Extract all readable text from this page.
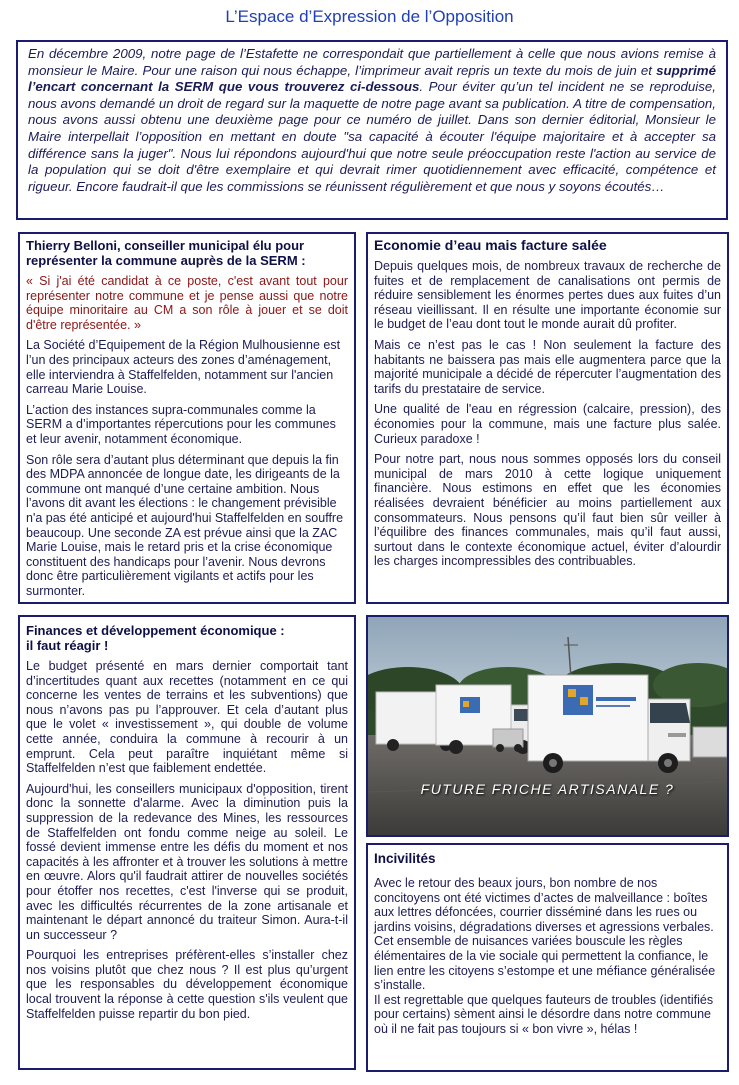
L’Espace d’Expression de l’Opposition
En décembre 2009, notre page de l’Estafette ne correspondait que partiellement à celle que nous avions remise à monsieur le Maire. Pour une raison qui nous échappe, l’imprimeur avait repris un texte du mois de juin et supprimé l’encart concernant la SERM que vous trouverez ci-dessous. Pour éviter qu’un tel incident ne se reproduise, nous avons demandé un droit de regard sur la maquette de notre page avant sa publication. A titre de compensation, nous avons aussi obtenu une deuxième page pour ce numéro de juillet. Dans son dernier éditorial, Monsieur le Maire interpellait l’opposition en mettant en doute "sa capacité à écouter l'équipe majoritaire et à accepter sa différence sans la juger". Nous lui répondons aujourd'hui que notre seule préoccupation reste l'action au service de la population qui se doit d'être exemplaire et qui devrait rimer quotidiennement avec efficacité, compétence et rigueur. Encore faudrait-il que les commissions se réunissent régulièrement et que nous y soyons écoutés…

Thierry Belloni, conseiller municipal élu pour représenter la commune auprès de la SERM :

« Si j'ai été candidat à ce poste, c'est avant tout pour représenter notre commune et je pense aussi que notre équipe minoritaire au CM a son rôle à jouer et se doit d'être représentée. »

La Société d’Equipement de la Région Mulhousienne est l’un des principaux acteurs des zones d’aménagement, elle interviendra à Staffelfelden, notamment sur l'ancien carreau Marie Louise.

L’action des instances supra-communales comme la SERM a d’importantes répercutions pour les communes et leur avenir, notamment économique.

Son rôle sera d’autant plus déterminant que depuis la fin des MDPA annoncée de longue date, les dirigeants de la commune ont manqué d’une certaine ambition. Nous l’avons dit avant les élections : le changement prévisible n'a pas été anticipé et aujourd'hui Staffelfelden en souffre beaucoup. Une seconde ZA est prévue ainsi que la ZAC Marie Louise, mais le retard pris et la crise économique constituent des handicaps pour l’avenir. Nous devrons donc être particulièrement vigilants et actifs pour les surmonter.

Economie d’eau mais facture salée

Depuis quelques mois, de nombreux travaux de recherche de fuites et de remplacement de canalisations ont permis de réduire sensiblement les énormes pertes dues aux fuites d’un réseau vieillissant. Il en résulte une importante économie sur le budget de l’eau dont tout le monde aurait dû profiter.

Mais ce n’est pas le cas ! Non seulement la facture des habitants ne baissera pas mais elle augmentera parce que la majorité municipale a décidé de répercuter l’augmentation des tarifs du prestataire de service.

Une qualité de l'eau en régression (calcaire, pression), des économies pour la commune, mais une facture plus salée. Curieux paradoxe !

Pour notre part, nous nous sommes opposés lors du conseil municipal de mars 2010 à cette logique uniquement financière. Nous estimons en effet que les économies réalisées devraient bénéficier au moins partiellement aux consommateurs. Nous pensons qu’il faut bien sûr veiller à l’équilibre des finances communales, mais qu’il faut aussi, surtout dans le contexte économique actuel, éviter d’alourdir les charges incompressibles des contribuables.

Finances et développement économique :
il faut réagir !

Le budget présenté en mars dernier comportait tant d’incertitudes quant aux recettes (notamment en ce qui concerne les ventes de terrains et les subventions) que nous n’avons pas pu l’approuver. Et cela d’autant plus que le volet « investissement », qui double de volume cette année, conduira la commune à recourir à un emprunt. Cela peut paraître inquiétant même si Staffelfelden n’est que faiblement endettée.

Aujourd'hui, les conseillers municipaux d'opposition, tirent donc la sonnette d'alarme. Avec la diminution puis la suppression de la redevance des Mines, les ressources de Staffelfelden ont fondu comme neige au soleil. Le fossé devient immense entre les défis du moment et nos capacités à les affronter et à trouver les solutions à mettre en œuvre. Alors qu'il faudrait attirer de nouvelles sociétés pour étoffer nos recettes, c'est l'inverse qui se produit, avec les difficultés récurrentes de la zone artisanale et maintenant le départ annoncé du traiteur Simon. Aura-t-il un successeur ?

Pourquoi les entreprises préfèrent-elles s’installer chez nos voisins plutôt que chez nous ? Il est plus qu’urgent que les responsables du développement économique local trouvent la réponse à cette question s'ils veulent que Staffelfelden puisse repartir du bon pied.

FUTURE FRICHE ARTISANALE ?

Incivilités

Avec le retour des beaux jours, bon nombre de nos concitoyens ont été victimes d’actes de malveillance : boîtes aux lettres défoncées, courrier disséminé dans les rues ou jardins voisins, dégradations diverses et agressions verbales. Cet ensemble de nuisances variées bouscule les règles élémentaires de la vie sociale qui permettent la confiance, le lien entre les citoyens s’estompe et une méfiance généralisée s’installe.

Il est regrettable que quelques fauteurs de troubles (identifiés pour certains) sèment ainsi le désordre dans notre commune où il ne fait pas toujours si « bon vivre », hélas !
